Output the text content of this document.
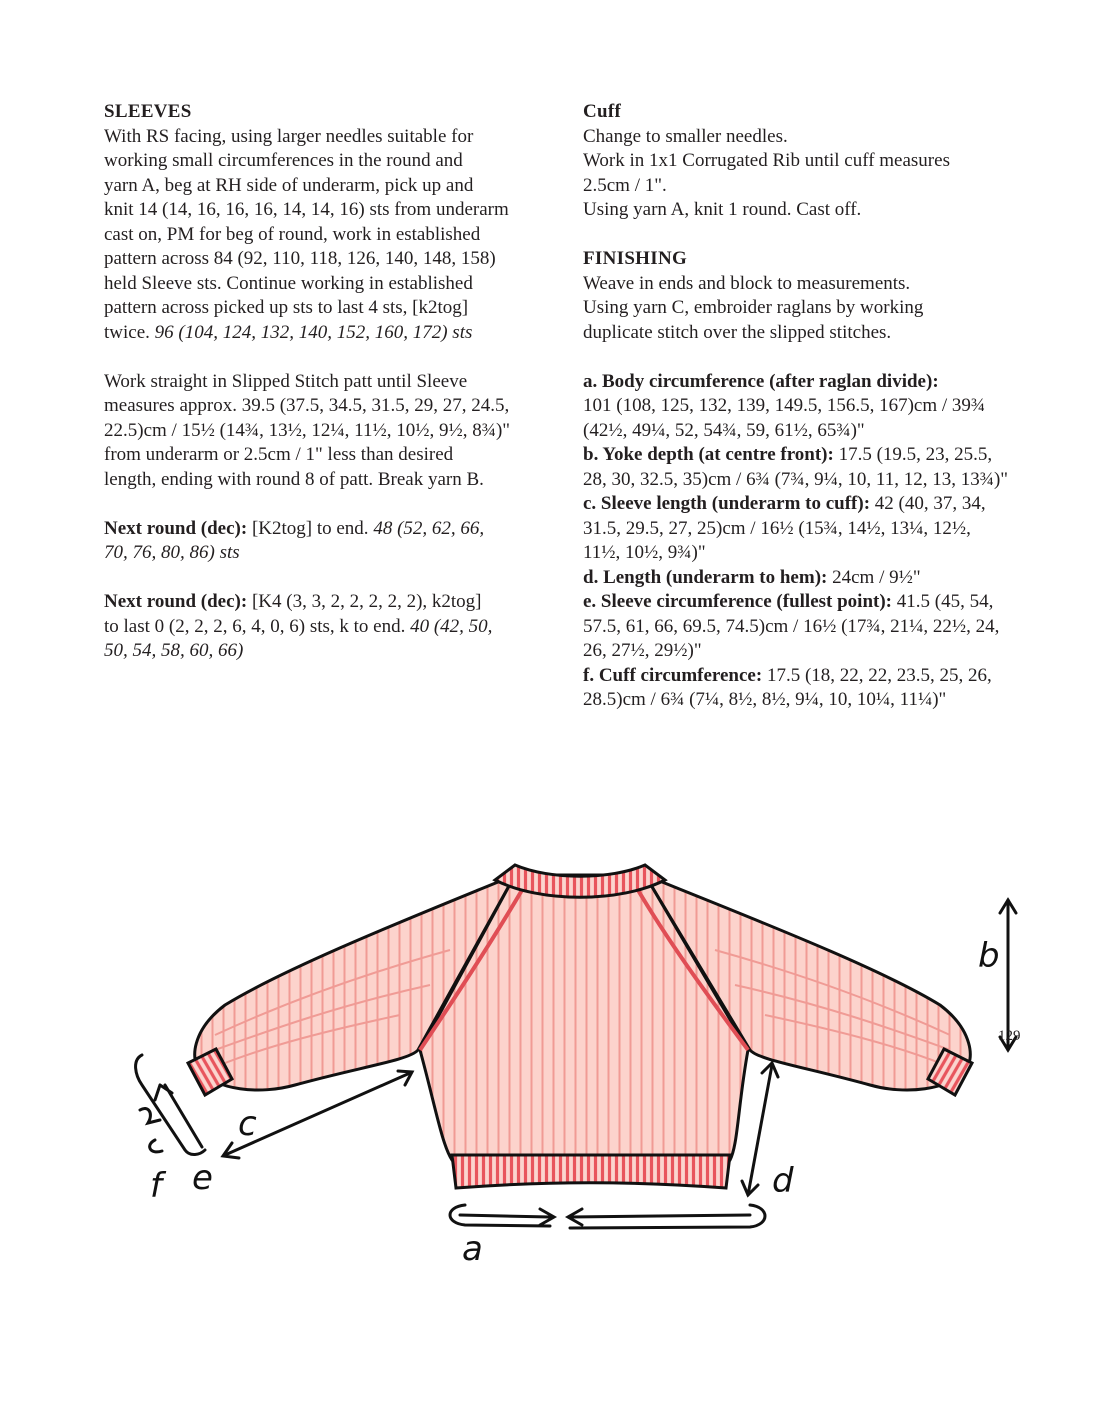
SLEEVES
With RS facing, using larger needles suitable for
working small circumferences in the round and
yarn A, beg at RH side of underarm, pick up and
knit 14 (14, 16, 16, 16, 14, 14, 16) sts from underarm
cast on, PM for beg of round, work in established
pattern across 84 (92, 110, 118, 126, 140, 148, 158)
held Sleeve sts. Continue working in established
pattern across picked up sts to last 4 sts, [k2tog]
twice. 96 (104, 124, 132, 140, 152, 160, 172) sts
Work straight in Slipped Stitch patt until Sleeve
measures approx. 39.5 (37.5, 34.5, 31.5, 29, 27, 24.5,
22.5)cm / 15½ (14¾, 13½, 12¼, 11½, 10½, 9½, 8¾)"
from underarm or 2.5cm / 1" less than desired
length, ending with round 8 of patt. Break yarn B.
Next round (dec): [K2tog] to end. 48 (52, 62, 66,
70, 76, 80, 86) sts
Next round (dec): [K4 (3, 3, 2, 2, 2, 2, 2), k2tog]
to last 0 (2, 2, 2, 6, 4, 0, 6) sts, k to end. 40 (42, 50,
50, 54, 58, 60, 66)
Cuff
Change to smaller needles.
Work in 1x1 Corrugated Rib until cuff measures
2.5cm / 1".
Using yarn A, knit 1 round. Cast off.
FINISHING
Weave in ends and block to measurements.
Using yarn C, embroider raglans by working
duplicate stitch over the slipped stitches.
a. Body circumference (after raglan divide):
101 (108, 125, 132, 139, 149.5, 156.5, 167)cm / 39¾
(42½, 49¼, 52, 54¾, 59, 61½, 65¾)"
b. Yoke depth (at centre front): 17.5 (19.5, 23, 25.5,
28, 30, 32.5, 35)cm / 6¾ (7¾, 9¼, 10, 11, 12, 13, 13¾)"
c. Sleeve length (underarm to cuff): 42 (40, 37, 34,
31.5, 29.5, 27, 25)cm / 16½ (15¾, 14½, 13¼, 12½,
11½, 10½, 9¾)"
d. Length (underarm to hem): 24cm / 9½"
e. Sleeve circumference (fullest point): 41.5 (45, 54,
57.5, 61, 66, 69.5, 74.5)cm / 16½ (17¾, 21¼, 22½, 24,
26, 27½, 29½)"
f. Cuff circumference: 17.5 (18, 22, 22, 23.5, 25, 26,
28.5)cm / 6¾ (7¼, 8½, 8½, 9¼, 10, 10¼, 11¼)"
b
d
a
c
e
f
129
